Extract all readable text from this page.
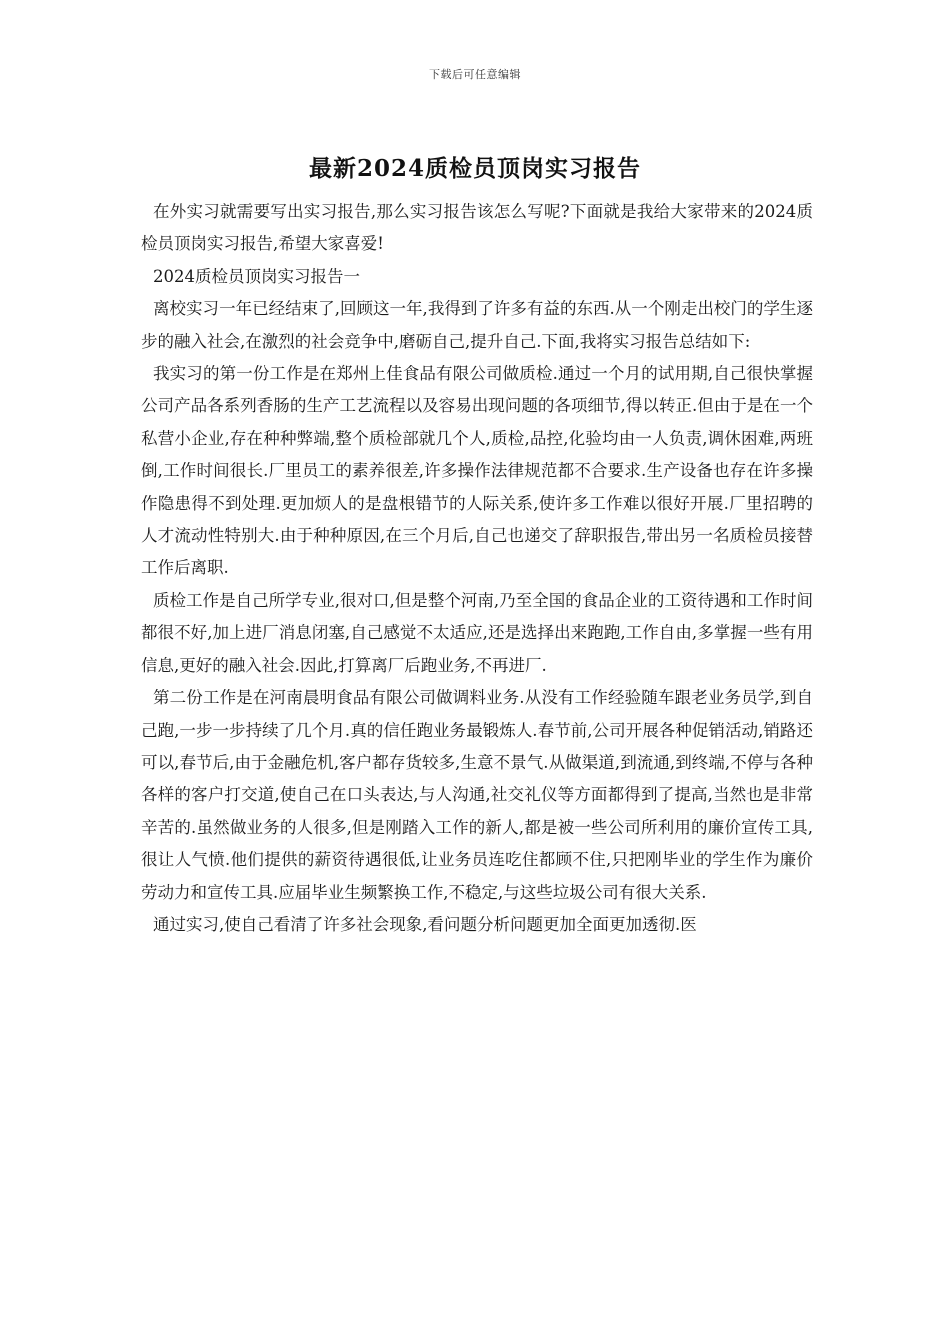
下载后可任意编辑
最新2024质检员顶岗实习报告

在外实习就需要写出实习报告,那么实习报告该怎么写呢?下面就是我给大家带来的2024质检员顶岗实习报告,希望大家喜爱!

2024质检员顶岗实习报告一

离校实习一年已经结束了,回顾这一年,我得到了许多有益的东西.从一个刚走出校门的学生逐步的融入社会,在激烈的社会竞争中,磨砺自己,提升自己.下面,我将实习报告总结如下:

我实习的第一份工作是在郑州上佳食品有限公司做质检.通过一个月的试用期,自己很快掌握公司产品各系列香肠的生产工艺流程以及容易出现问题的各项细节,得以转正.但由于是在一个私营小企业,存在种种弊端,整个质检部就几个人,质检,品控,化验均由一人负责,调休困难,两班倒,工作时间很长.厂里员工的素养很差,许多操作法律规范都不合要求.生产设备也存在许多操作隐患得不到处理.更加烦人的是盘根错节的人际关系,使许多工作难以很好开展.厂里招聘的人才流动性特别大.由于种种原因,在三个月后,自己也递交了辞职报告,带出另一名质检员接替工作后离职.

质检工作是自己所学专业,很对口,但是整个河南,乃至全国的食品企业的工资待遇和工作时间都很不好,加上进厂消息闭塞,自己感觉不太适应,还是选择出来跑跑,工作自由,多掌握一些有用信息,更好的融入社会.因此,打算离厂后跑业务,不再进厂.

第二份工作是在河南晨明食品有限公司做调料业务.从没有工作经验随车跟老业务员学,到自己跑,一步一步持续了几个月.真的信任跑业务最锻炼人.春节前,公司开展各种促销活动,销路还可以,春节后,由于金融危机,客户都存货较多,生意不景气.从做渠道,到流通,到终端,不停与各种各样的客户打交道,使自己在口头表达,与人沟通,社交礼仪等方面都得到了提高,当然也是非常辛苦的.虽然做业务的人很多,但是刚踏入工作的新人,都是被一些公司所利用的廉价宣传工具,很让人气愤.他们提供的薪资待遇很低,让业务员连吃住都顾不住,只把刚毕业的学生作为廉价劳动力和宣传工具.应届毕业生频繁换工作,不稳定,与这些垃圾公司有很大关系.

通过实习,使自己看清了许多社会现象,看问题分析问题更加全面更加透彻.医
